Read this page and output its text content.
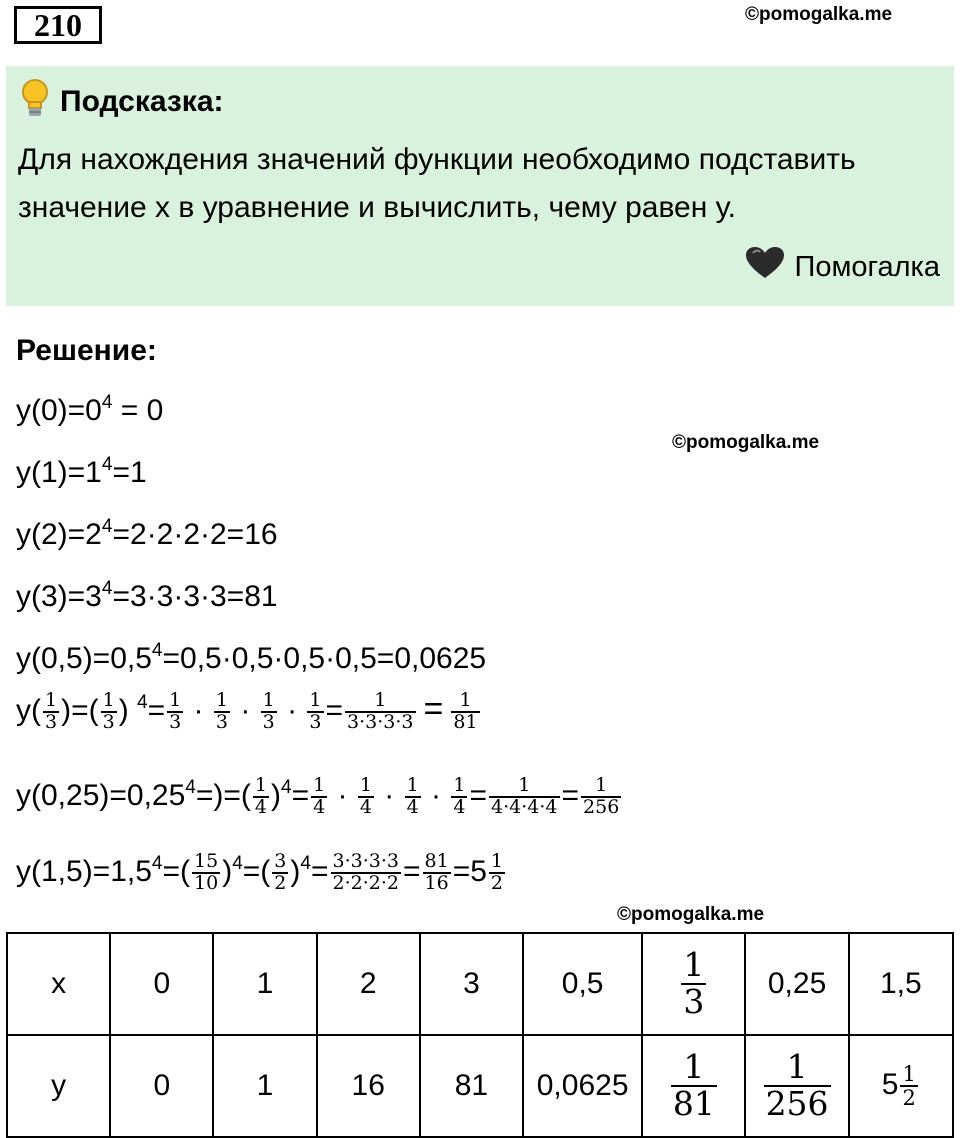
210	©pomogalka.me
Подсказка:
Для нахождения значений функции необходимо подставить
значение х в уравнение и вычислить, чему равен у.
Помогалка
Решение:
©pomogalka.me
$y(0)=0^4 = 0$
$y(1)=1^4=1$
$y(2)=2^4=2\cdot 2\cdot 2\cdot 2=16$
$y(3)=3^4=3\cdot 3\cdot 3\cdot 3=81$
$y(0,5)=0,5^4=0,5\cdot 0,5\cdot 0,5\cdot 0,5=0,0625$
$y( \frac{1}{3}$ )=( $\frac{1}{3}$ ) $^4= \frac{1}{3} \cdot \frac{1}{3} \cdot \frac{1}{3} \cdot \frac{1}{3} = \frac{1}{3\cdot 3\cdot 3\cdot 3} = \frac{1}{81}$
$y(0,25)=0,25^4=)=( \frac{1}{4} )^4= \frac{1}{4} \cdot \frac{1}{4} \cdot \frac{1}{4} \cdot \frac{1}{4} = \frac{1}{4\cdot 4\cdot 4\cdot 4} = \frac{1}{256}$
$y(1,5)=1,5^4=( \frac{15}{10} )^4=( \frac{3}{2} )^4= \frac{3\cdot 3\cdot 3\cdot 3}{2\cdot 2\cdot 2\cdot 2} = \frac{81}{16} =5 \frac{1}{2}$
©pomogalka.me
x	0	1	2	3	0,5	$\frac{1}{3}$	0,25	1,5
y	0	1	16	81	0,0625	$\frac{1}{81}$	$\frac{1}{256}$	$5 \frac{1}{2}$
